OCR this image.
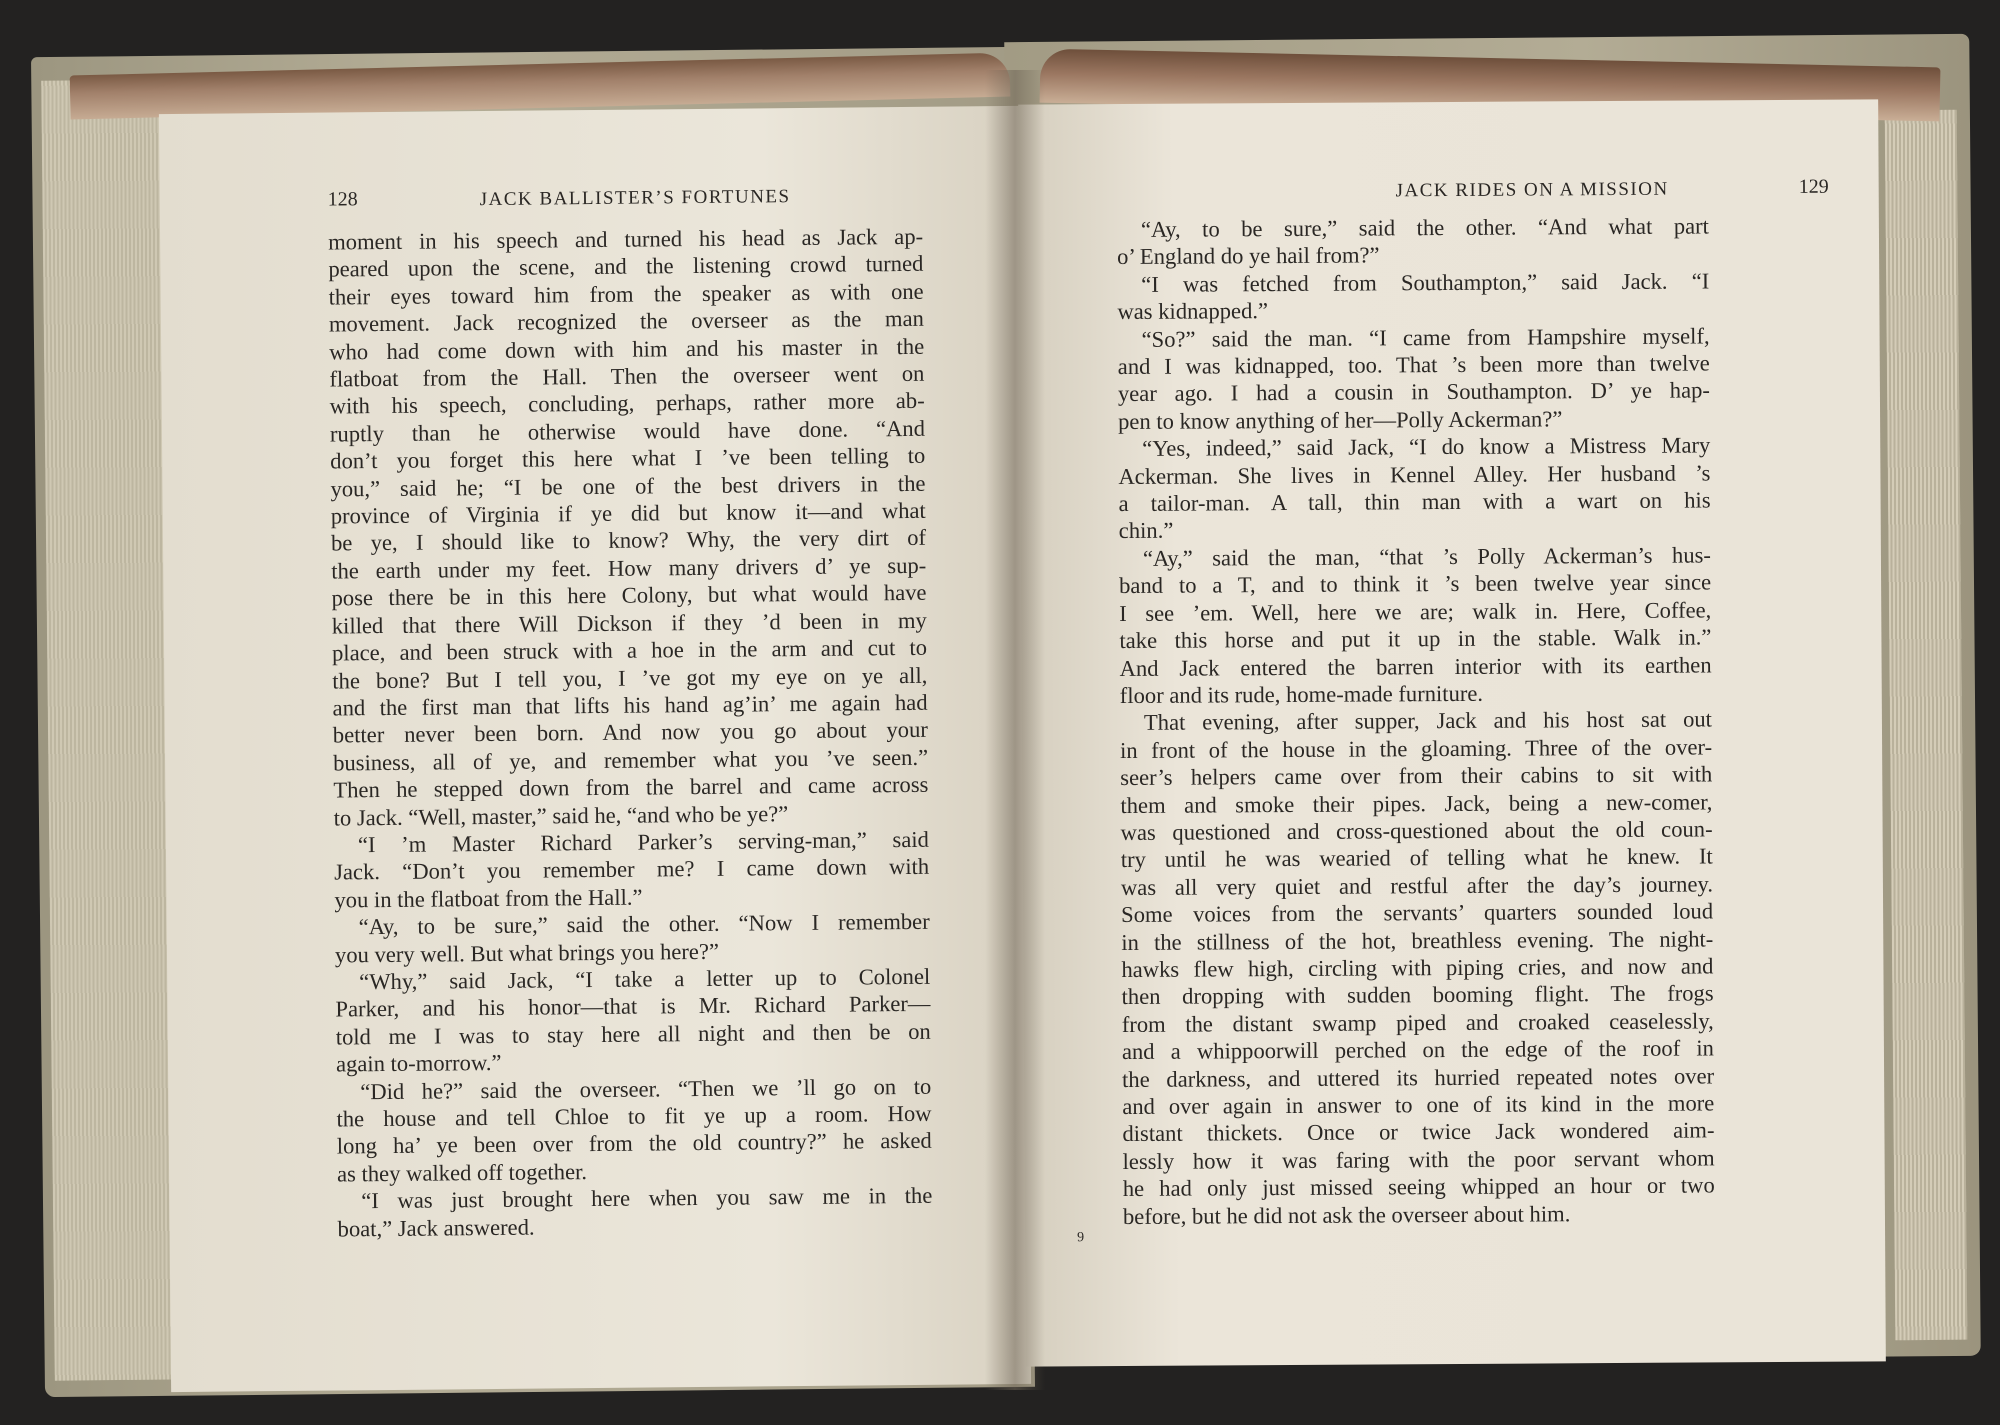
128	JACK BALLISTER’S FORTUNES
moment in his speech and turned his head as Jack ap-
peared upon the scene, and the listening crowd turned
their eyes toward him from the speaker as with one
movement. Jack recognized the overseer as the man
who had come down with him and his master in the
flatboat from the Hall. Then the overseer went on
with his speech, concluding, perhaps, rather more ab-
ruptly than he otherwise would have done. “And
don’t you forget this here what I ’ve been telling to
you,” said he; “I be one of the best drivers in the
province of Virginia if ye did but know it—and what
be ye, I should like to know? Why, the very dirt of
the earth under my feet. How many drivers d’ ye sup-
pose there be in this here Colony, but what would have
killed that there Will Dickson if they ’d been in my
place, and been struck with a hoe in the arm and cut to
the bone? But I tell you, I ’ve got my eye on ye all,
and the first man that lifts his hand ag’in’ me again had
better never been born. And now you go about your
business, all of ye, and remember what you ’ve seen.”
Then he stepped down from the barrel and came across
to Jack. “Well, master,” said he, “and who be ye?”
“I ’m Master Richard Parker’s serving-man,” said
Jack. “Don’t you remember me? I came down with
you in the flatboat from the Hall.”
“Ay, to be sure,” said the other. “Now I remember
you very well. But what brings you here?”
“Why,” said Jack, “I take a letter up to Colonel
Parker, and his honor—that is Mr. Richard Parker—
told me I was to stay here all night and then be on
again to-morrow.”
“Did he?” said the overseer. “Then we ’ll go on to
the house and tell Chloe to fit ye up a room. How
long ha’ ye been over from the old country?” he asked
as they walked off together.
“I was just brought here when you saw me in the
boat,” Jack answered.
JACK RIDES ON A MISSION	129
“Ay, to be sure,” said the other. “And what part
o’ England do ye hail from?”
“I was fetched from Southampton,” said Jack. “I
was kidnapped.”
“So?” said the man. “I came from Hampshire myself,
and I was kidnapped, too. That ’s been more than twelve
year ago. I had a cousin in Southampton. D’ ye hap-
pen to know anything of her—Polly Ackerman?”
“Yes, indeed,” said Jack, “I do know a Mistress Mary
Ackerman. She lives in Kennel Alley. Her husband ’s
a tailor-man. A tall, thin man with a wart on his
chin.”
“Ay,” said the man, “that ’s Polly Ackerman’s hus-
band to a T, and to think it ’s been twelve year since
I see ’em. Well, here we are; walk in. Here, Coffee,
take this horse and put it up in the stable. Walk in.”
And Jack entered the barren interior with its earthen
floor and its rude, home-made furniture.
That evening, after supper, Jack and his host sat out
in front of the house in the gloaming. Three of the over-
seer’s helpers came over from their cabins to sit with
them and smoke their pipes. Jack, being a new-comer,
was questioned and cross-questioned about the old coun-
try until he was wearied of telling what he knew. It
was all very quiet and restful after the day’s journey.
Some voices from the servants’ quarters sounded loud
in the stillness of the hot, breathless evening. The night-
hawks flew high, circling with piping cries, and now and
then dropping with sudden booming flight. The frogs
from the distant swamp piped and croaked ceaselessly,
and a whippoorwill perched on the edge of the roof in
the darkness, and uttered its hurried repeated notes over
and over again in answer to one of its kind in the more
distant thickets. Once or twice Jack wondered aim-
lessly how it was faring with the poor servant whom
he had only just missed seeing whipped an hour or two
before, but he did not ask the overseer about him.
9
